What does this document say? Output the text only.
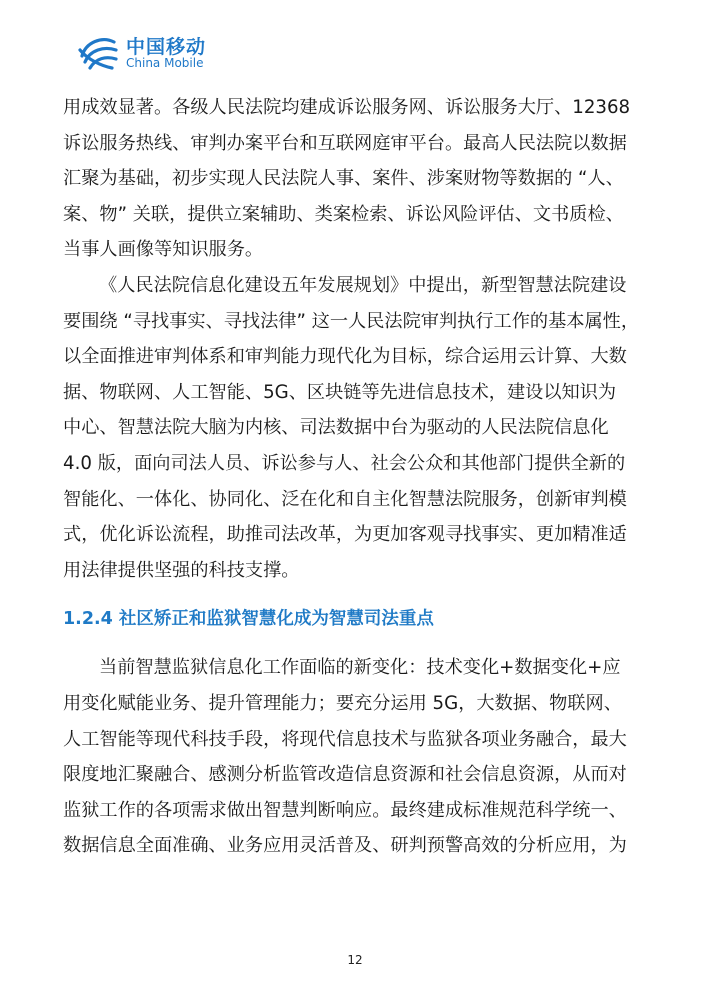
中国移动
China Mobile
用成效显著。各级人民法院均建成诉讼服务网、诉讼服务大厅、12368
诉讼服务热线、审判办案平台和互联网庭审平台。最高人民法院以数据
汇聚为基础，初步实现人民法院人事、案件、涉案财物等数据的 “人、
案、物” 关联，提供立案辅助、类案检索、诉讼风险评估、文书质检、
当事人画像等知识服务。
《人民法院信息化建设五年发展规划》中提出，新型智慧法院建设
要围绕 “寻找事实、寻找法律” 这一人民法院审判执行工作的基本属性，
以全面推进审判体系和审判能力现代化为目标，综合运用云计算、大数
据、物联网、人工智能、5G、区块链等先进信息技术，建设以知识为
中心、智慧法院大脑为内核、司法数据中台为驱动的人民法院信息化
4.0 版，面向司法人员、诉讼参与人、社会公众和其他部门提供全新的
智能化、一体化、协同化、泛在化和自主化智慧法院服务，创新审判模
式，优化诉讼流程，助推司法改革，为更加客观寻找事实、更加精准适
用法律提供坚强的科技支撑。
1.2.4 社区矫正和监狱智慧化成为智慧司法重点
当前智慧监狱信息化工作面临的新变化：技术变化+数据变化+应
用变化赋能业务、提升管理能力；要充分运用 5G，大数据、物联网、
人工智能等现代科技手段，将现代信息技术与监狱各项业务融合，最大
限度地汇聚融合、感测分析监管改造信息资源和社会信息资源，从而对
监狱工作的各项需求做出智慧判断响应。最终建成标准规范科学统一、
数据信息全面准确、业务应用灵活普及、研判预警高效的分析应用，为
12
